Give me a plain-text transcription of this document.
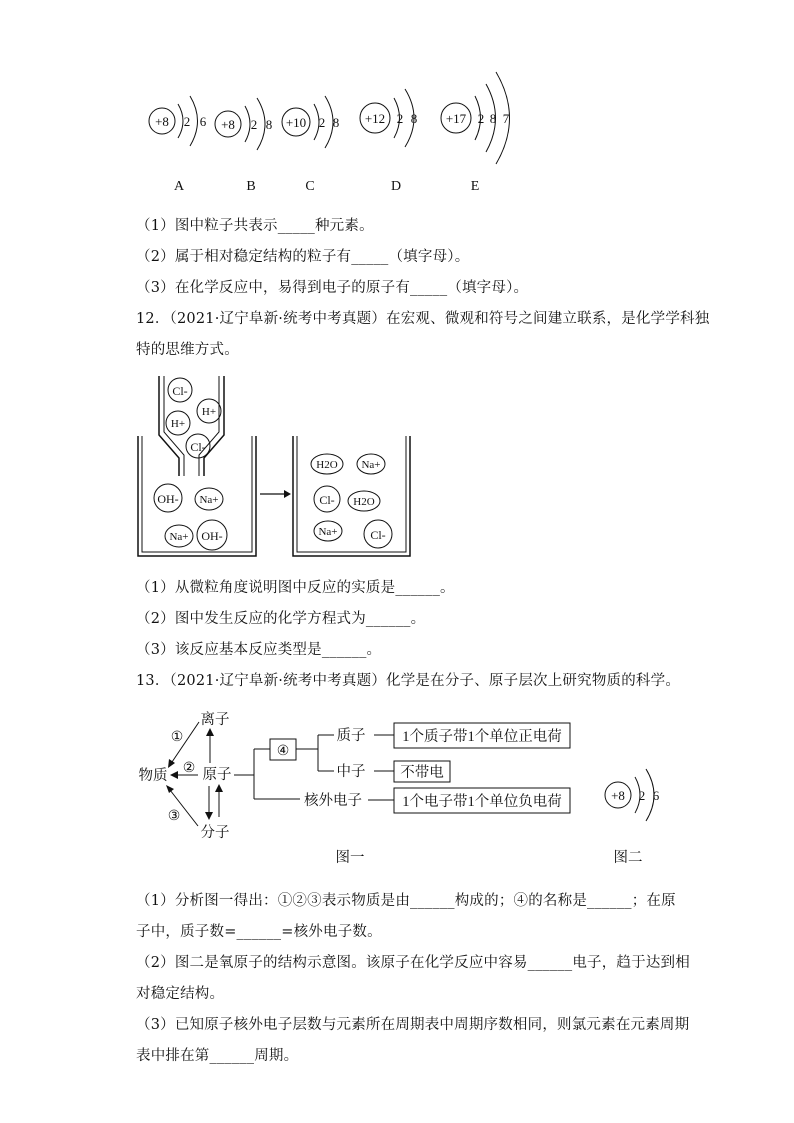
+8 2 6
A
+8 2 8
B
+10 2 8
C
+12 2 8
D
+17 2 8 7
E
（1）图中粒子共表示_____种元素。
（2）属于相对稳定结构的粒子有_____（填字母）。
（3）在化学反应中，易得到电子的原子有_____（填字母）。
12．（2021·辽宁阜新·统考中考真题）在宏观、微观和符号之间建立联系，是化学学科独
特的思维方式。
Cl-
H+
H+
Cl-
OH- Na+
Na+ OH-
H2O Na+
Cl- H2O
Na+	Cl-
（1）从微粒角度说明图中反应的实质是______。
（2）图中发生反应的化学方程式为______。
（3）该反应基本反应类型是______。
13．（2021·辽宁阜新·统考中考真题）化学是在分子、原子层次上研究物质的科学。
离子
物质 原子
分子
①
②
③
④
质子
中子
核外电子
1个质子带1个单位正电荷
不带电
1个电子带1个单位负电荷	+8 2 6
图一	图二
（1）分析图一得出：①②③表示物质是由______构成的；④的名称是______；在原
子中，质子数=______=核外电子数。
（2）图二是氧原子的结构示意图。该原子在化学反应中容易______电子，趋于达到相
对稳定结构。
（3）已知原子核外电子层数与元素所在周期表中周期序数相同，则氯元素在元素周期
表中排在第______周期。
